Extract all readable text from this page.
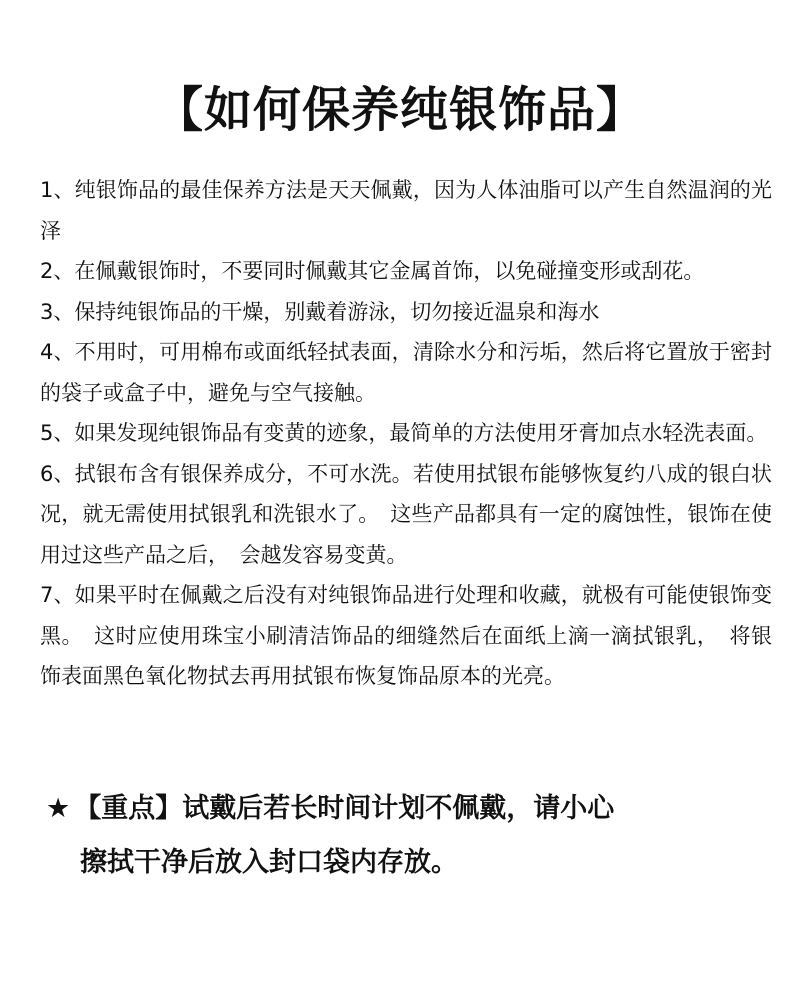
【如何保养纯银饰品】
1、纯银饰品的最佳保养方法是天天佩戴，因为人体油脂可以产生自然温润的光泽
2、在佩戴银饰时，不要同时佩戴其它金属首饰，以免碰撞变形或刮花。
3、保持纯银饰品的干燥，别戴着游泳，切勿接近温泉和海水
4、不用时，可用棉布或面纸轻拭表面，清除水分和污垢，然后将它置放于密封的袋子或盒子中，避免与空气接触。
5、如果发现纯银饰品有变黄的迹象，最简单的方法使用牙膏加点水轻洗表面。
6、拭银布含有银保养成分，不可水洗。若使用拭银布能够恢复约八成的银白状况，就无需使用拭银乳和洗银水了。　这些产品都具有一定的腐蚀性，银饰在使用过这些产品之后，　会越发容易变黄。
7、如果平时在佩戴之后没有对纯银饰品进行处理和收藏，就极有可能使银饰变黑。　这时应使用珠宝小刷清洁饰品的细缝然后在面纸上滴一滴拭银乳，　将银饰表面黑色氧化物拭去再用拭银布恢复饰品原本的光亮。
★ 【重点】试戴后若长时间计划不佩戴，请小心
擦拭干净后放入封口袋内存放。
